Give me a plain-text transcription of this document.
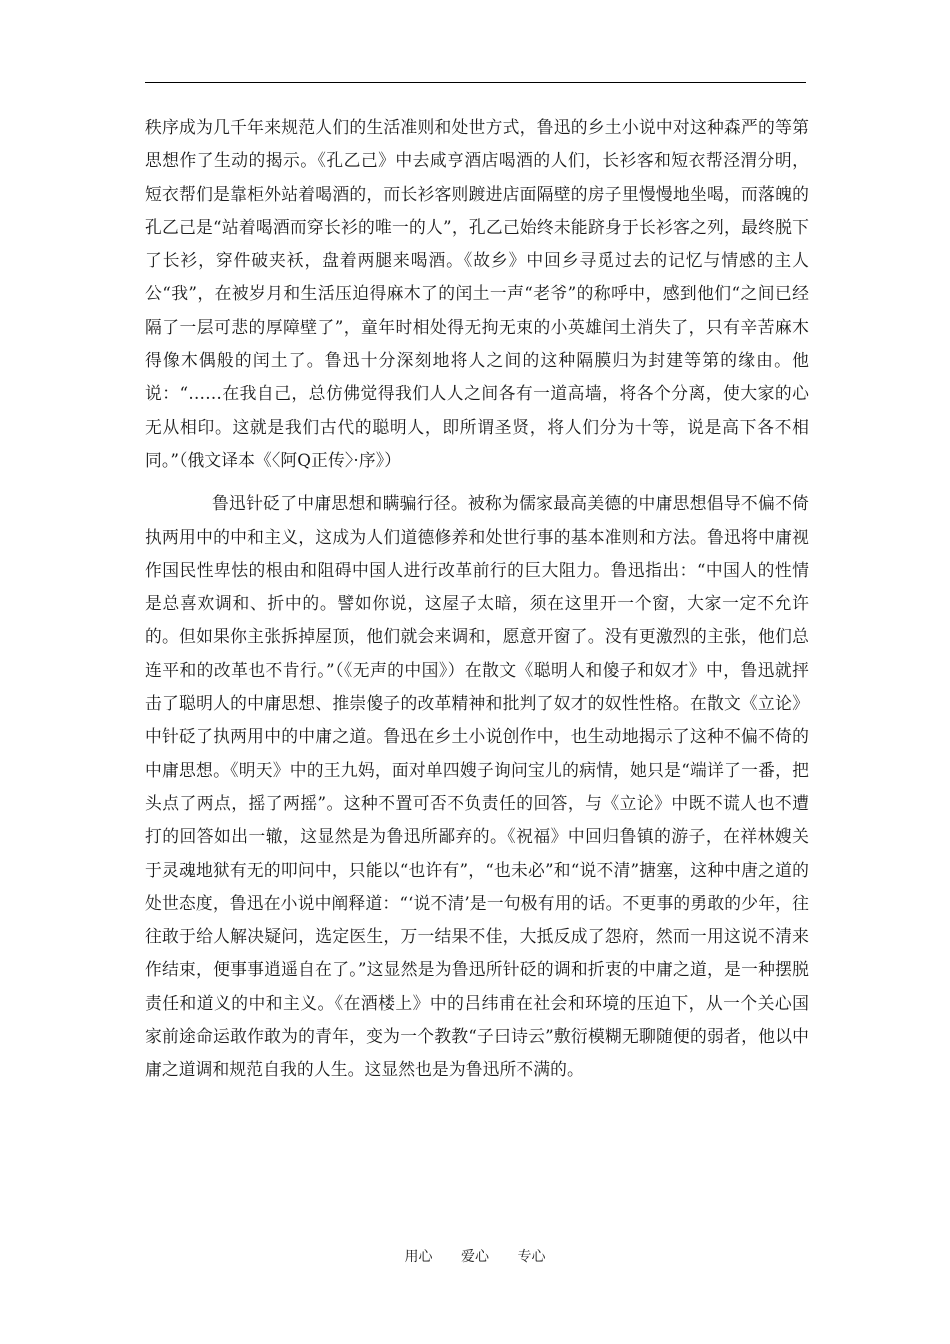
秩序成为几千年来规范人们的生活准则和处世方式，鲁迅的乡土小说中对这种森严的等第思想作了生动的揭示。《孔乙己》中去咸亨酒店喝酒的人们，长衫客和短衣帮泾渭分明，短衣帮们是靠柜外站着喝酒的，而长衫客则踱进店面隔壁的房子里慢慢地坐喝，而落魄的孔乙己是“站着喝酒而穿长衫的唯一的人”，孔乙己始终未能跻身于长衫客之列，最终脱下了长衫，穿件破夹袄，盘着两腿来喝酒。《故乡》中回乡寻觅过去的记忆与情感的主人公“我”，在被岁月和生活压迫得麻木了的闰土一声“老爷”的称呼中，感到他们“之间已经隔了一层可悲的厚障壁了”，童年时相处得无拘无束的小英雄闰土消失了，只有辛苦麻木得像木偶般的闰土了。鲁迅十分深刻地将人之间的这种隔膜归为封建等第的缘由。他说：“……在我自己，总仿佛觉得我们人人之间各有一道高墙，将各个分离，使大家的心无从相印。这就是我们古代的聪明人，即所谓圣贤，将人们分为十等，说是高下各不相同。”（俄文译本《〈阿Q正传〉·序》）

鲁迅针砭了中庸思想和瞒骗行径。被称为儒家最高美德的中庸思想倡导不偏不倚执两用中的中和主义，这成为人们道德修养和处世行事的基本准则和方法。鲁迅将中庸视作国民性卑怯的根由和阻碍中国人进行改革前行的巨大阻力。鲁迅指出：“中国人的性情是总喜欢调和、折中的。譬如你说，这屋子太暗，须在这里开一个窗，大家一定不允许的。但如果你主张拆掉屋顶，他们就会来调和，愿意开窗了。没有更激烈的主张，他们总连平和的改革也不肯行。”（《无声的中国》）在散文《聪明人和傻子和奴才》中，鲁迅就抨击了聪明人的中庸思想、推崇傻子的改革精神和批判了奴才的奴性性格。在散文《立论》中针砭了执两用中的中庸之道。鲁迅在乡土小说创作中，也生动地揭示了这种不偏不倚的中庸思想。《明天》中的王九妈，面对单四嫂子询问宝儿的病情，她只是“端详了一番，把头点了两点，摇了两摇”。这种不置可否不负责任的回答，与《立论》中既不谎人也不遭打的回答如出一辙，这显然是为鲁迅所鄙弃的。《祝福》中回归鲁镇的游子，在祥林嫂关于灵魂地狱有无的叩问中，只能以“也许有”，“也未必”和“说不清”搪塞，这种中唐之道的处世态度，鲁迅在小说中阐释道：“‘说不清’是一句极有用的话。不更事的勇敢的少年，往往敢于给人解决疑问，选定医生，万一结果不佳，大抵反成了怨府，然而一用这说不清来作结束，便事事逍遥自在了。”这显然是为鲁迅所针砭的调和折衷的中庸之道，是一种摆脱责任和道义的中和主义。《在酒楼上》中的吕纬甫在社会和环境的压迫下，从一个关心国家前途命运敢作敢为的青年，变为一个教教“子曰诗云”敷衍模糊无聊随便的弱者，他以中庸之道调和规范自我的人生。这显然也是为鲁迅所不满的。

用心 爱心 专心
